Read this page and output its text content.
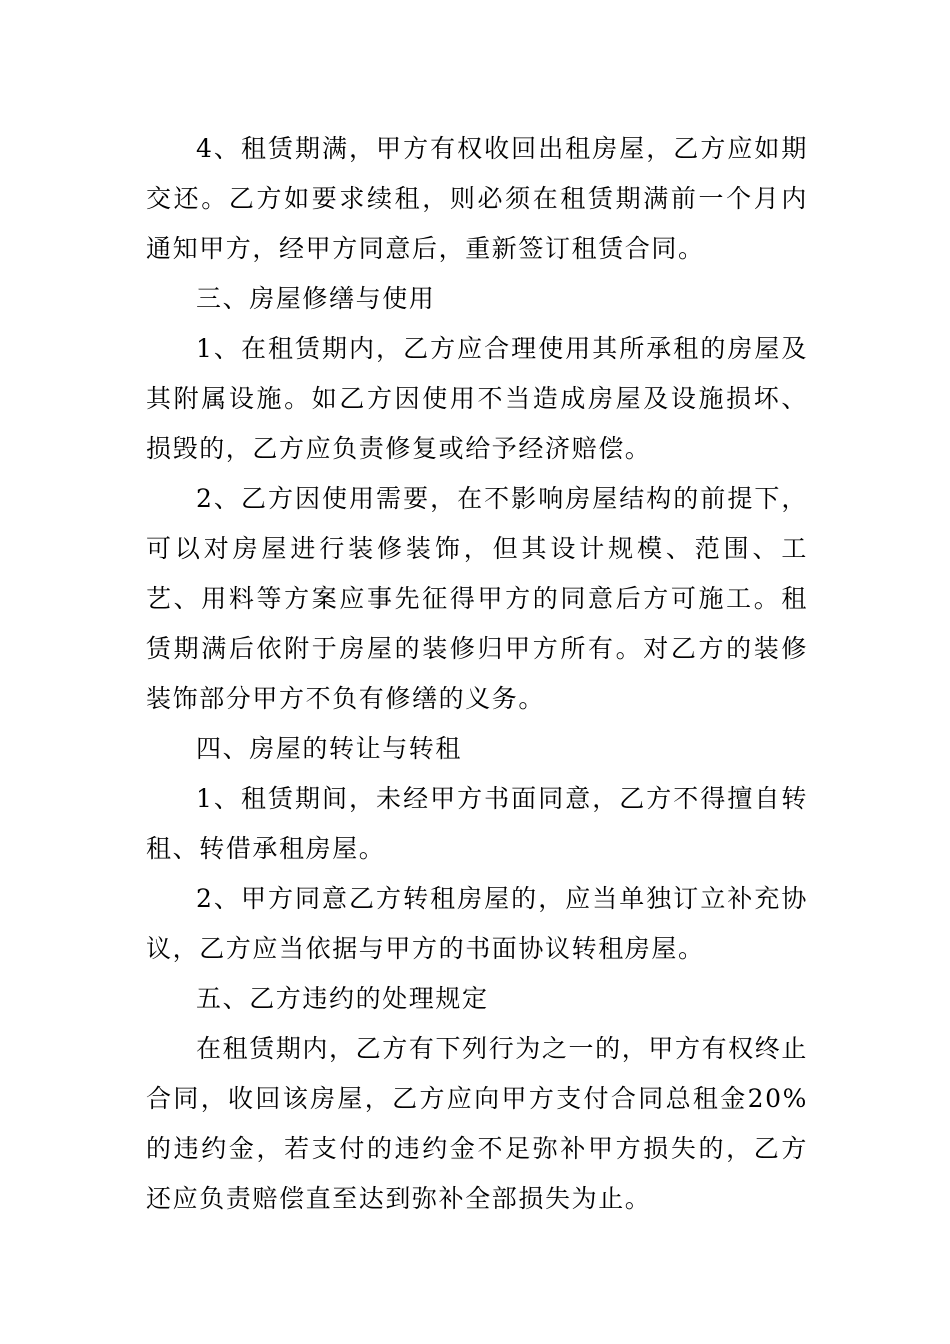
4、租赁期满，甲方有权收回出租房屋，乙方应如期交还。乙方如要求续租，则必须在租赁期满前一个月内通知甲方，经甲方同意后，重新签订租赁合同。

三、房屋修缮与使用

1、在租赁期内，乙方应合理使用其所承租的房屋及其附属设施。如乙方因使用不当造成房屋及设施损坏、损毁的，乙方应负责修复或给予经济赔偿。

2、乙方因使用需要，在不影响房屋结构的前提下，可以对房屋进行装修装饰，但其设计规模、范围、工艺、用料等方案应事先征得甲方的同意后方可施工。租赁期满后依附于房屋的装修归甲方所有。对乙方的装修装饰部分甲方不负有修缮的义务。

四、房屋的转让与转租

1、租赁期间，未经甲方书面同意，乙方不得擅自转租、转借承租房屋。

2、甲方同意乙方转租房屋的，应当单独订立补充协议，乙方应当依据与甲方的书面协议转租房屋。

五、乙方违约的处理规定

在租赁期内，乙方有下列行为之一的，甲方有权终止合同，收回该房屋，乙方应向甲方支付合同总租金20%的违约金，若支付的违约金不足弥补甲方损失的，乙方还应负责赔偿直至达到弥补全部损失为止。
